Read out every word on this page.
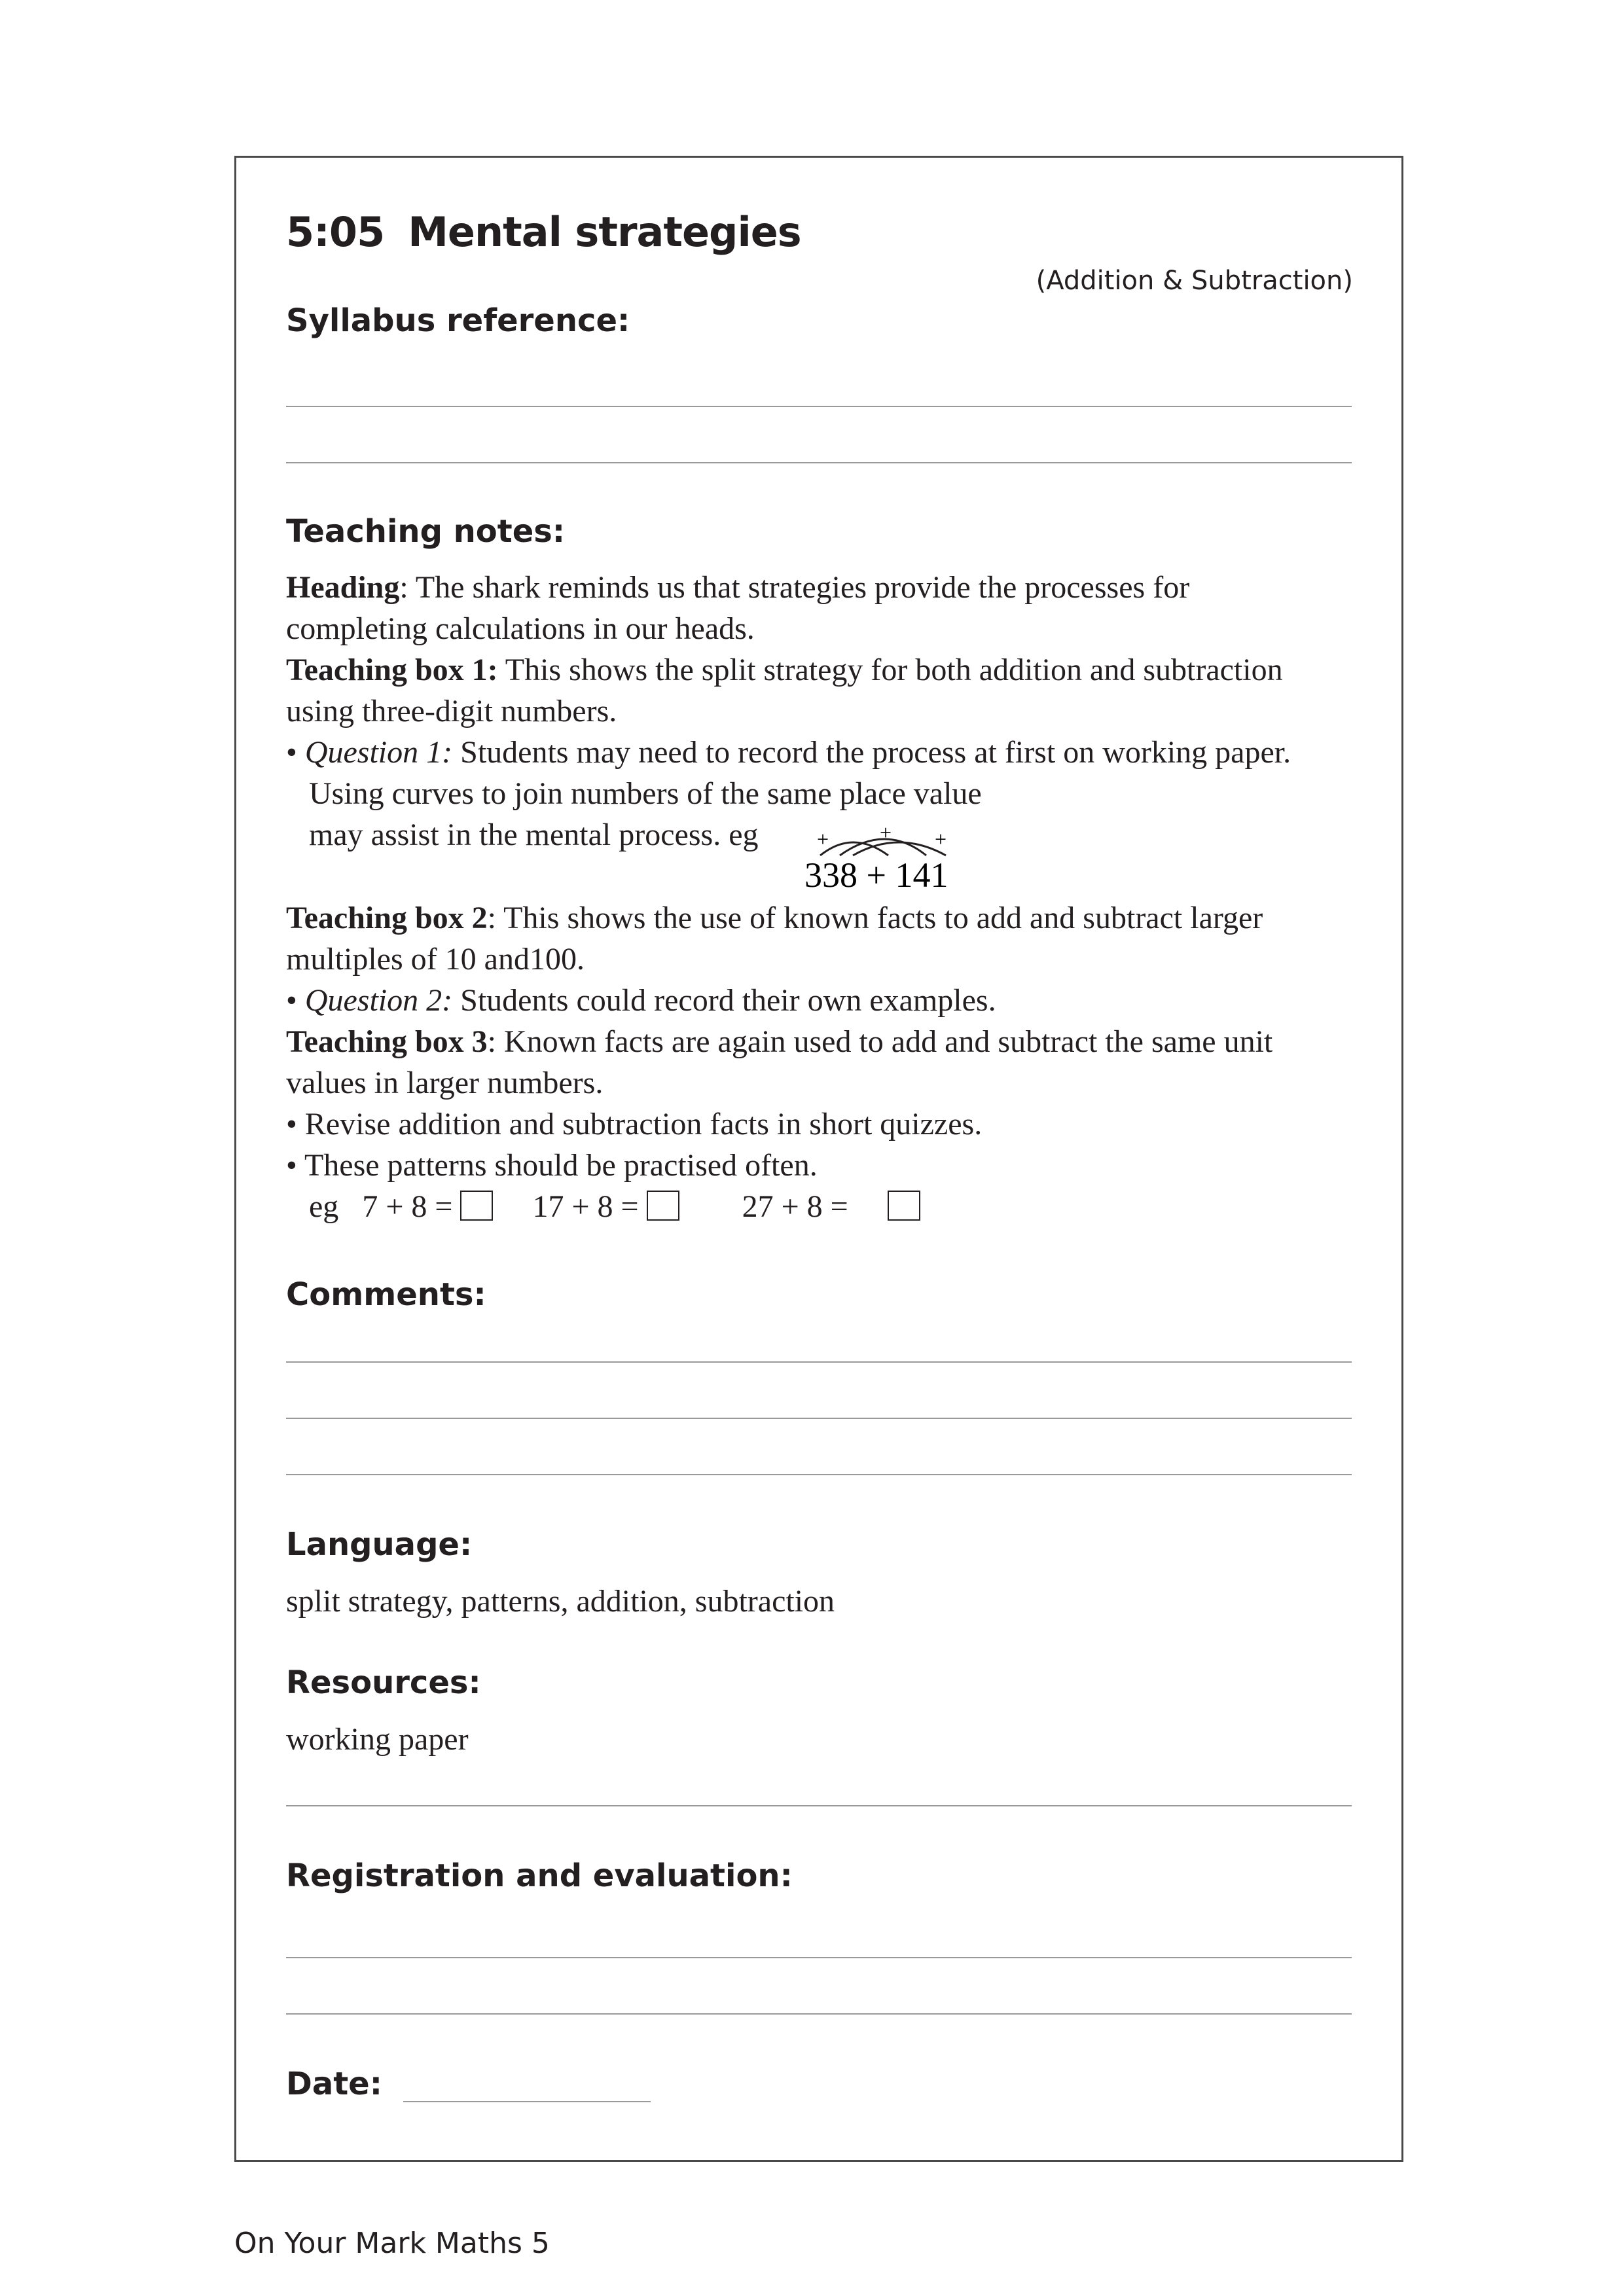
5:05 Mental strategies
(Addition & Subtraction)
Syllabus reference:
Teaching notes:
Heading: The shark reminds us that strategies provide the processes for
completing calculations in our heads.
Teaching box 1: This shows the split strategy for both addition and subtraction
using three-digit numbers.
• Question 1: Students may need to record the process at first on working paper.
Using curves to join numbers of the same place value
may assist in the mental process. eg	+ + +
338 + 141
Teaching box 2: This shows the use of known facts to add and subtract larger
multiples of 10 and100.
• Question 2: Students could record their own examples.
Teaching box 3: Known facts are again used to add and subtract the same unit
values in larger numbers.
• Revise addition and subtraction facts in short quizzes.
• These patterns should be practised often.
eg 7 + 8 =	17 + 8 =	27 + 8 =
Comments:
Language:
split strategy, patterns, addition, subtraction
Resources:
working paper
Registration and evaluation:
Date:
On Your Mark Maths 5
